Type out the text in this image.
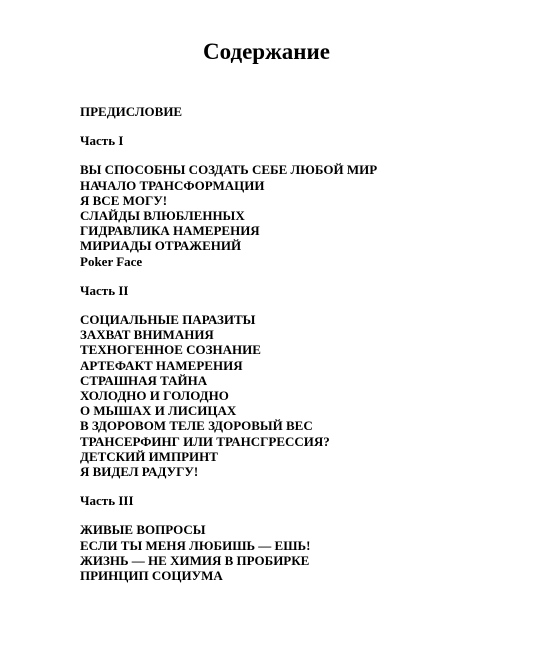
Содержание
ПРЕДИСЛОВИЕ
Часть I
ВЫ СПОСОБНЫ СОЗДАТЬ СЕБЕ ЛЮБОЙ МИР
НАЧАЛО ТРАНСФОРМАЦИИ
Я ВСЕ МОГУ!
СЛАЙДЫ ВЛЮБЛЕННЫХ
ГИДРАВЛИКА НАМЕРЕНИЯ
МИРИАДЫ ОТРАЖЕНИЙ
Poker Face
Часть II
СОЦИАЛЬНЫЕ ПАРАЗИТЫ
ЗАХВАТ ВНИМАНИЯ
ТЕХНОГЕННОЕ СОЗНАНИЕ
АРТЕФАКТ НАМЕРЕНИЯ
СТРАШНАЯ ТАЙНА
ХОЛОДНО И ГОЛОДНО
О МЫШАХ И ЛИСИЦАХ
В ЗДОРОВОМ ТЕЛЕ ЗДОРОВЫЙ ВЕС
ТРАНСЕРФИНГ ИЛИ ТРАНСГРЕССИЯ?
ДЕТСКИЙ ИМПРИНТ
Я ВИДЕЛ РАДУГУ!
Часть III
ЖИВЫЕ ВОПРОСЫ
ЕСЛИ ТЫ МЕНЯ ЛЮБИШЬ — ЕШЬ!
ЖИЗНЬ — НЕ ХИМИЯ В ПРОБИРКЕ
ПРИНЦИП СОЦИУМА
